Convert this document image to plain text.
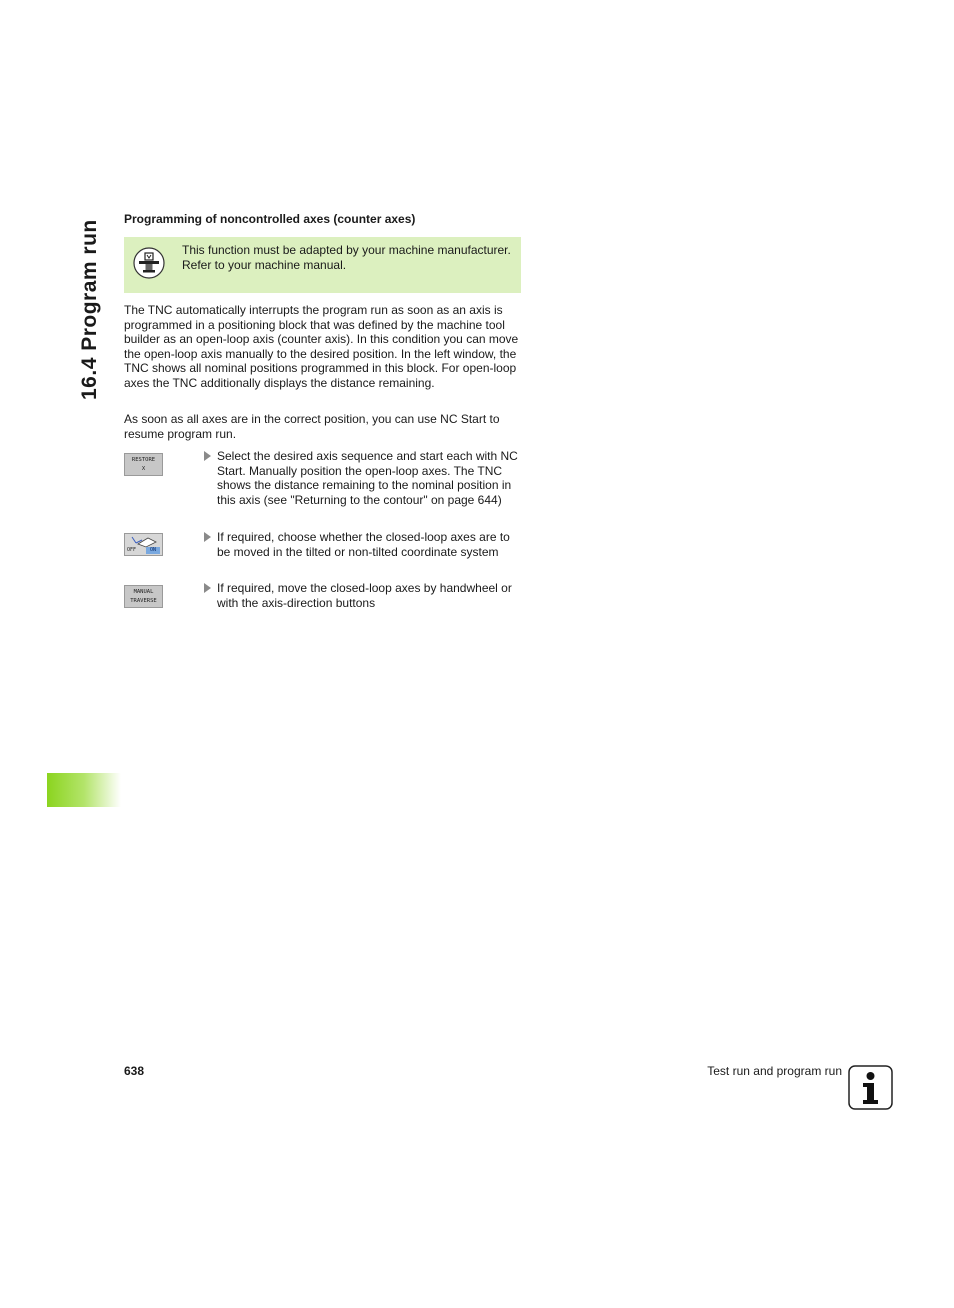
16.4 Program run
Programming of noncontrolled axes (counter axes)

This function must be adapted by your machine manufacturer. Refer to your machine manual.

The TNC automatically interrupts the program run as soon as an axis is programmed in a positioning block that was defined by the machine tool builder as an open-loop axis (counter axis). In this condition you can move the open-loop axis manually to the desired position. In the left window, the TNC shows all nominal positions programmed in this block. For open-loop axes the TNC additionally displays the distance remaining.

As soon as all axes are in the correct position, you can use NC Start to resume program run.

RESTORE
X
Select the desired axis sequence and start each with NC Start. Manually position the open-loop axes. The TNC shows the distance remaining to the nominal position in this axis (see "Returning to the contour" on page 644)
OFF	ON
If required, choose whether the closed-loop axes are to be moved in the tilted or non-tilted coordinate system
MANUAL
TRAVERSE
If required, move the closed-loop axes by handwheel or with the axis-direction buttons
638	Test run and program run
